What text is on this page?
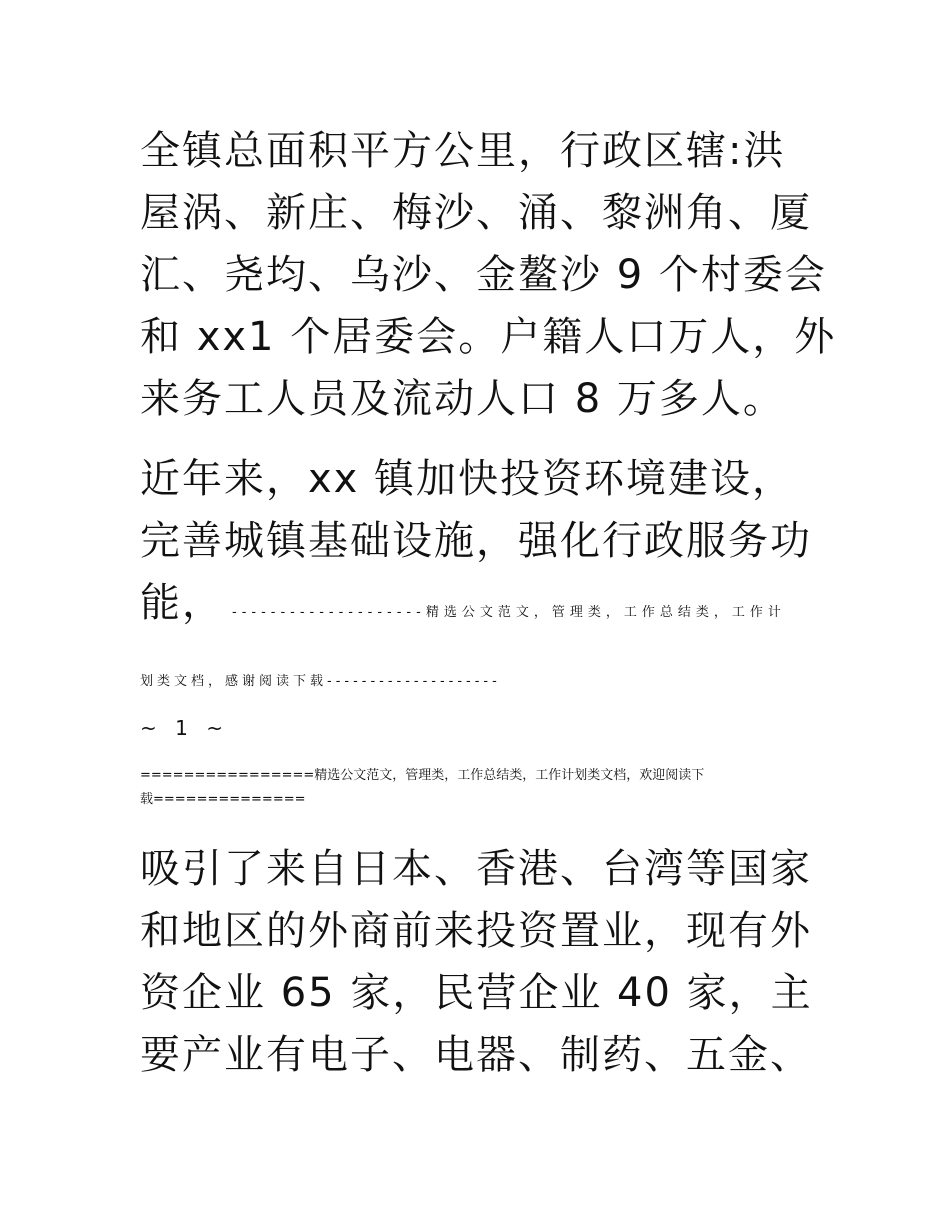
全镇总面积平方公里，行政区辖:洪
屋涡、新庄、梅沙、涌、黎洲角、厦
汇、尧均、乌沙、金鳌沙 9 个村委会
和 xx1 个居委会。户籍人口万人，外
来务工人员及流动人口 8 万多人。
近年来，xx 镇加快投资环境建设，
完善城镇基础设施，强化行政服务功
能， --------------------精选公文范文，管理类，工作总结类，工作计

划类文档，感谢阅读下载--------------------

~ 1 ~

================精选公文范文，管理类，工作总结类，工作计划类文档，欢迎阅读下
载==============
吸引了来自日本、香港、台湾等国家
和地区的外商前来投资置业，现有外
资企业 65 家，民营企业 40 家，主
要产业有电子、电器、制药、五金、
